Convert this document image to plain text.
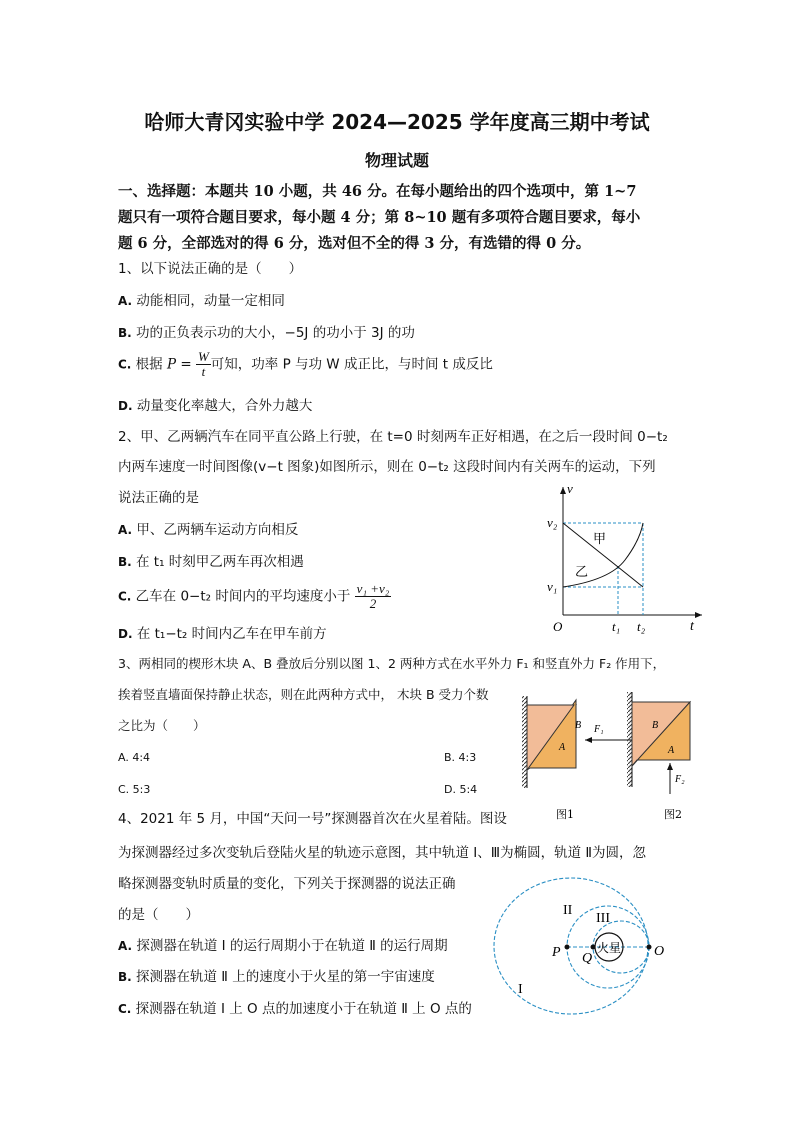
哈师大青冈实验中学 2024—2025 学年度高三期中考试
物理试题
一、选择题：本题共 10 小题，共 46 分。在每小题给出的四个选项中，第 1~7
题只有一项符合题目要求，每小题 4 分；第 8~10 题有多项符合题目要求，每小
题 6 分，全部选对的得 6 分，选对但不全的得 3 分，有选错的得 0 分。
1、以下说法正确的是（　　）
A. 动能相同，动量一定相同
B. 功的正负表示功的大小，−5J 的功小于 3J 的功
C. 根据 $P = \frac{W}{t}$ 可知，功率 P 与功 W 成正比，与时间 t 成反比
D. 动量变化率越大，合外力越大
2、甲、乙两辆汽车在同平直公路上行驶，在 t=0 时刻两车正好相遇，在之后一段时间 0−t₂
内两车速度一时间图像(v−t 图象)如图所示，则在 0−t₂ 这段时间内有关两车的运动，下列
说法正确的是
A. 甲、乙两辆车运动方向相反
B. 在 t₁ 时刻甲乙两车再次相遇
C. 乙车在 0−t₂ 时间内的平均速度小于 $\frac{\text{v₁ +v₂}}{2}$
D. 在 t₁−t₂ 时间内乙车在甲车前方
v
t
O
v₂
v₁
t₁ t₂
甲
乙
B
A
F₁
图1
B
A
F₂
图2
火星
II
III
I
P Q	O
3、两相同的楔形木块 A、B 叠放后分别以图 1、2 两种方式在水平外力 F₁ 和竖直外力 F₂ 作用下，
挨着竖直墙面保持静止状态，则在此两种方式中， 木块 B 受力个数
之比为（　　）
A. 4:4	B. 4:3
C. 5:3	D. 5:4
4、2021 年 5 月，中国“天问一号”探测器首次在火星着陆。图设
为探测器经过多次变轨后登陆火星的轨迹示意图，其中轨道 Ⅰ、Ⅲ为椭圆，轨道 Ⅱ为圆，忽
略探测器变轨时质量的变化，下列关于探测器的说法正确
的是（　　）
A. 探测器在轨道 Ⅰ 的运行周期小于在轨道 Ⅱ 的运行周期
B. 探测器在轨道 Ⅱ 上的速度小于火星的第一宇宙速度
C. 探测器在轨道 Ⅰ 上 O 点的加速度小于在轨道 Ⅱ 上 O 点的
